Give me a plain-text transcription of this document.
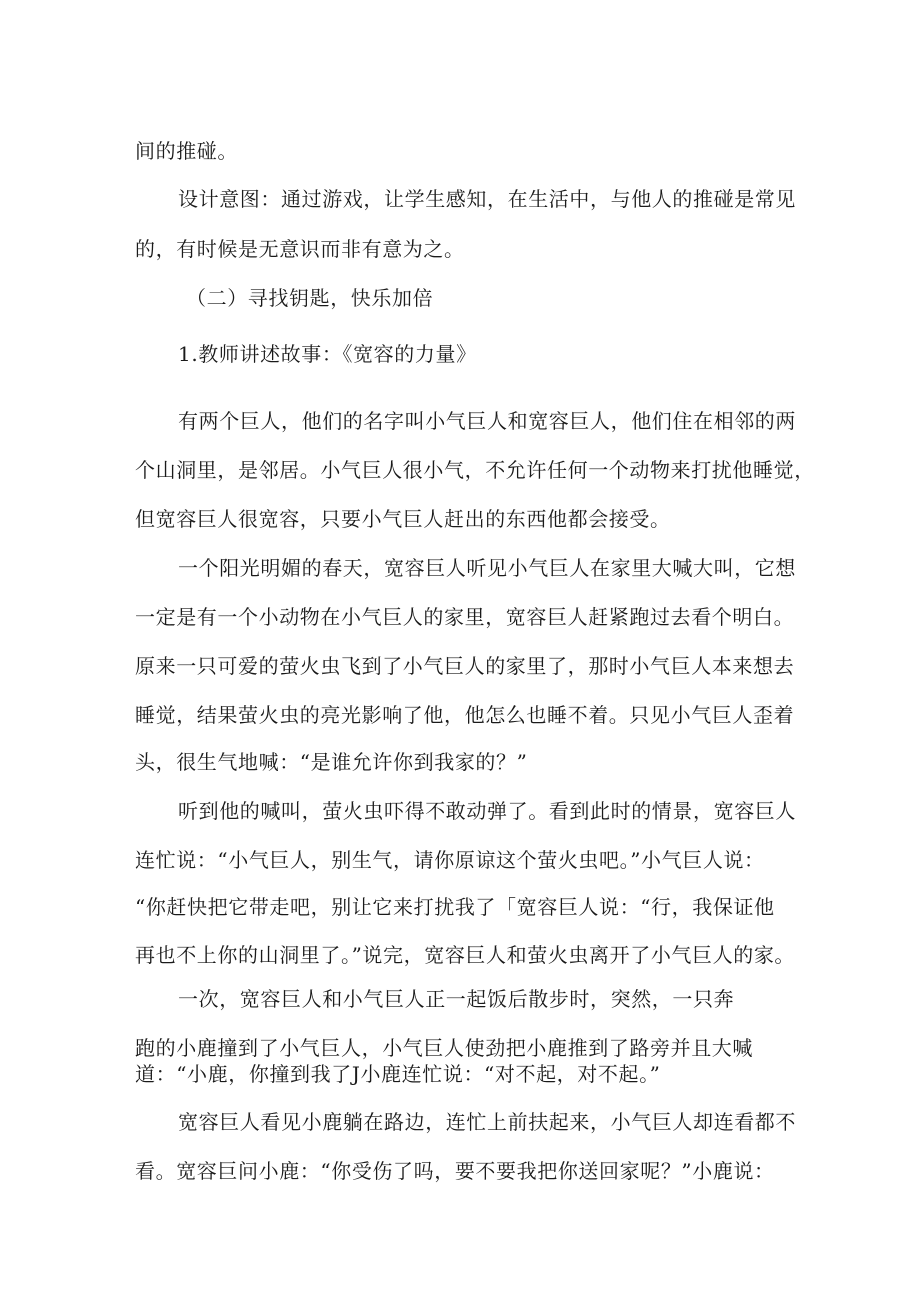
间的推碰。
设计意图：通过游戏，让学生感知，在生活中，与他人的推碰是常见
的，有时候是无意识而非有意为之。
（二）寻找钥匙，快乐加倍
1.教师讲述故事：《宽容的力量》
有两个巨人，他们的名字叫小气巨人和宽容巨人，他们住在相邻的两
个山洞里，是邻居。小气巨人很小气，不允许任何一个动物来打扰他睡觉，
但宽容巨人很宽容，只要小气巨人赶出的东西他都会接受。
一个阳光明媚的春天，宽容巨人听见小气巨人在家里大喊大叫，它想
一定是有一个小动物在小气巨人的家里，宽容巨人赶紧跑过去看个明白。
原来一只可爱的萤火虫飞到了小气巨人的家里了，那时小气巨人本来想去
睡觉，结果萤火虫的亮光影响了他，他怎么也睡不着。只见小气巨人歪着
头，很生气地喊：“是谁允许你到我家的？”
听到他的喊叫，萤火虫吓得不敢动弹了。看到此时的情景，宽容巨人
连忙说：“小气巨人，别生气，请你原谅这个萤火虫吧。”小气巨人说：
“你赶快把它带走吧，别让它来打扰我了「宽容巨人说：“行，我保证他
再也不上你的山洞里了。”说完，宽容巨人和萤火虫离开了小气巨人的家。
一次，宽容巨人和小气巨人正一起饭后散步时，突然，一只奔
跑的小鹿撞到了小气巨人，小气巨人使劲把小鹿推到了路旁并且大喊
道：“小鹿，你撞到我了J小鹿连忙说：“对不起，对不起。”
宽容巨人看见小鹿躺在路边，连忙上前扶起来，小气巨人却连看都不
看。宽容巨问小鹿：“你受伤了吗，要不要我把你送回家呢？”小鹿说：
